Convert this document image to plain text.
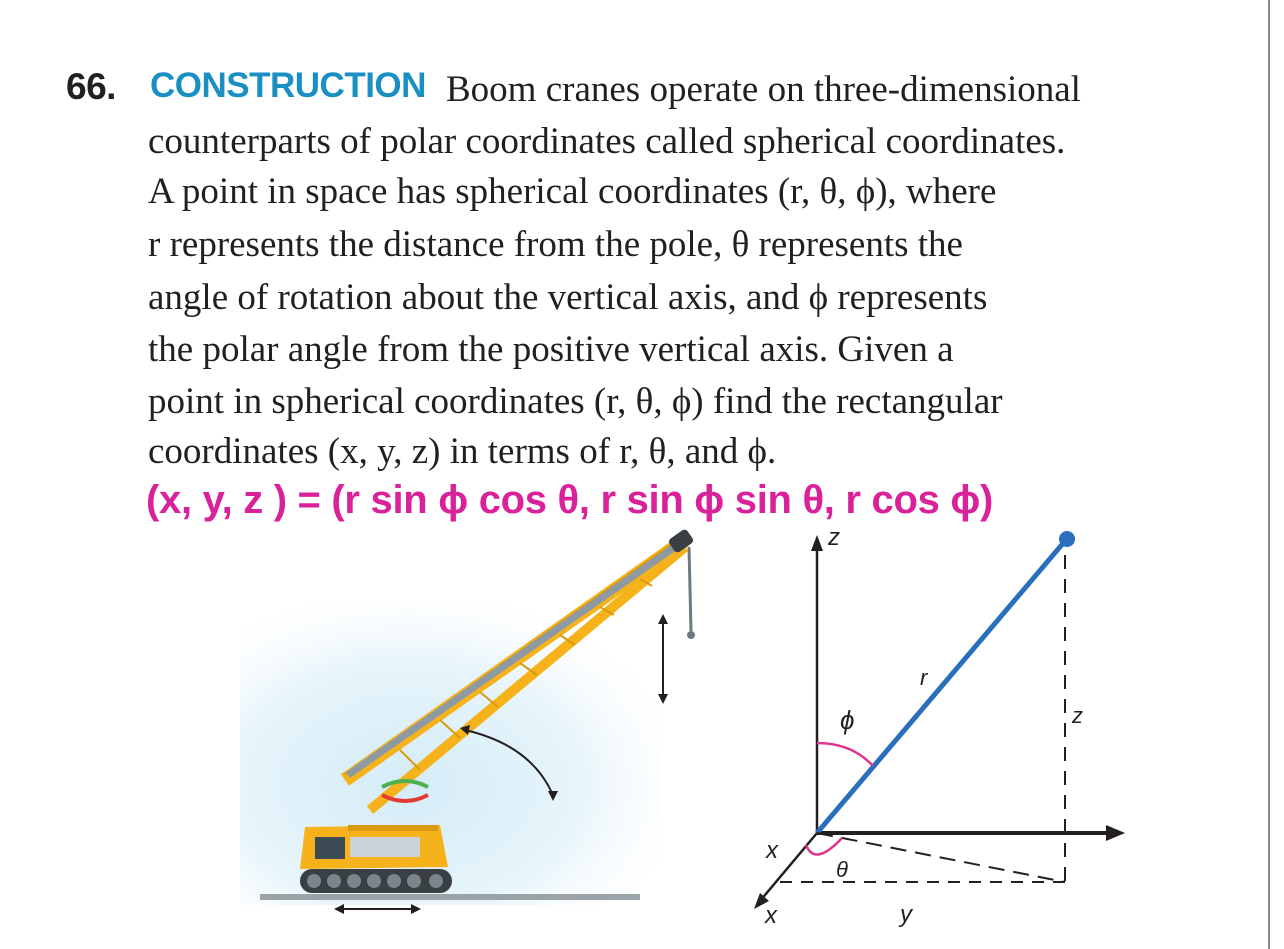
66. CONSTRUCTION Boom cranes operate on three-dimensional
counterparts of polar coordinates called spherical coordinates.
A point in space has spherical coordinates (r, θ, ϕ), where
r represents the distance from the pole, θ represents the
angle of rotation about the vertical axis, and ϕ represents
the polar angle from the positive vertical axis. Given a
point in spherical coordinates (r, θ, ϕ) find the rectangular
coordinates (x, y, z) in terms of r, θ, and ϕ.
(x, y, z ) = (r sin ϕ cos θ, r sin ϕ sin θ, r cos ϕ)
z
x
x
r
ϕ	z
θ
y
